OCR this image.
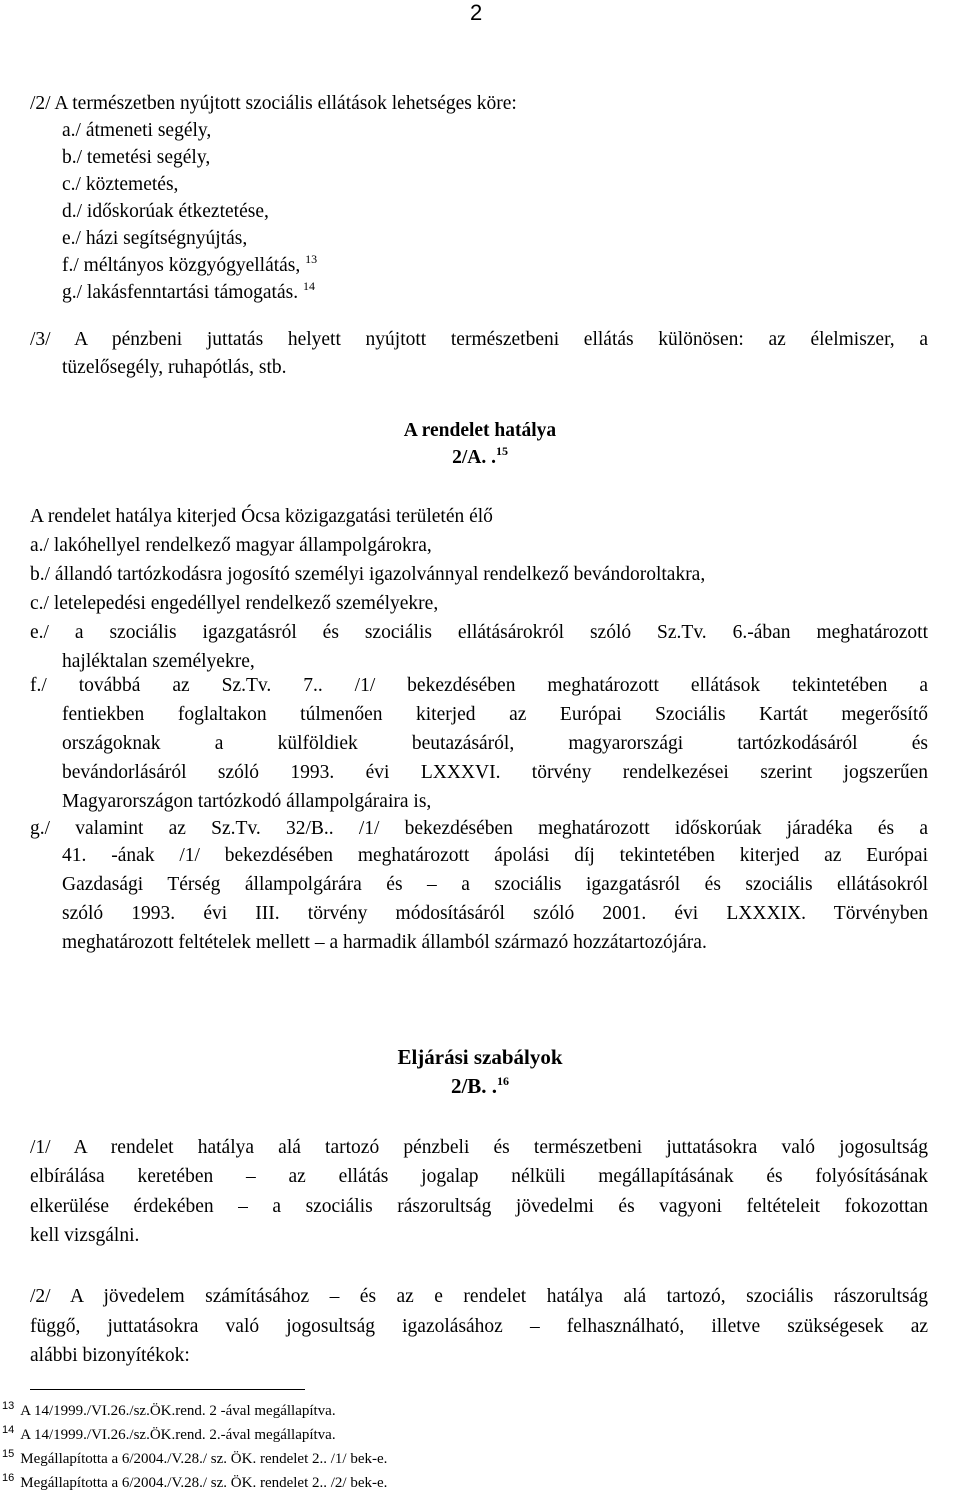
2
/2/ A természetben nyújtott szociális ellátások lehetséges köre:
a./ átmeneti segély,
b./ temetési segély,
c./ köztemetés,
d./ időskorúak étkeztetése,
e./ házi segítségnyújtás,
f./ méltányos közgyógyellátás, $^{13}$
g./ lakásfenntartási támogatás. $^{14}$
/3/ A pénzbeni juttatás helyett nyújtott természetbeni ellátás különösen: az élelmiszer, a
tüzelősegély, ruhapótlás, stb.
A rendelet hatálya
2/A. .$^{15}$
A rendelet hatálya kiterjed Ócsa közigazgatási területén élő
a./ lakóhellyel rendelkező magyar állampolgárokra,
b./ állandó tartózkodásra jogosító személyi igazolvánnyal rendelkező bevándoroltakra,
c./ letelepedési engedéllyel rendelkező személyekre,
e./ a szociális igazgatásról és szociális ellátásárokról szóló Sz.Tv. 6.-ában meghatározott
hajléktalan személyekre,
f./ továbbá az Sz.Tv. 7.. /1/ bekezdésében meghatározott ellátások tekintetében a
fentiekben foglaltakon túlmenően kiterjed az Európai Szociális Kartát megerősítő
országoknak a külföldiek beutazásáról, magyarországi tartózkodásáról és
bevándorlásáról szóló 1993. évi LXXXVI. törvény rendelkezései szerint jogszerűen
Magyarországon tartózkodó állampolgáraira is,
g./ valamint az Sz.Tv. 32/B.. /1/ bekezdésében meghatározott időskorúak járadéka és a
41. -ának /1/ bekezdésében meghatározott ápolási díj tekintetében kiterjed az Európai
Gazdasági Térség állampolgárára és – a szociális igazgatásról és szociális ellátásokról
szóló 1993. évi III. törvény módosításáról szóló 2001. évi LXXXIX. Törvényben
meghatározott feltételek mellett – a harmadik államból származó hozzátartozójára.
Eljárási szabályok
2/B. .$^{16}$
/1/ A rendelet hatálya alá tartozó pénzbeli és természetbeni juttatásokra való jogosultság
elbírálása keretében – az ellátás jogalap nélküli megállapításának és folyósításának
elkerülése érdekében – a szociális rászorultság jövedelmi és vagyoni feltételeit fokozottan
kell vizsgálni.
/2/ A jövedelem számításához – és az e rendelet hatálya alá tartozó, szociális rászorultság
függő, juttatásokra való jogosultság igazolásához – felhasználható, illetve szükségesek az
alábbi bizonyítékok:
$^{13}$ A 14/1999./VI.26./sz.ÖK.rend. 2 -ával megállapítva.
$^{14}$ A 14/1999./VI.26./sz.ÖK.rend. 2.-ával megállapítva.
$^{15}$ Megállapította a 6/2004./V.28./ sz. ÖK. rendelet 2.. /1/ bek-e.
$^{16}$ Megállapította a 6/2004./V.28./ sz. ÖK. rendelet 2.. /2/ bek-e.
